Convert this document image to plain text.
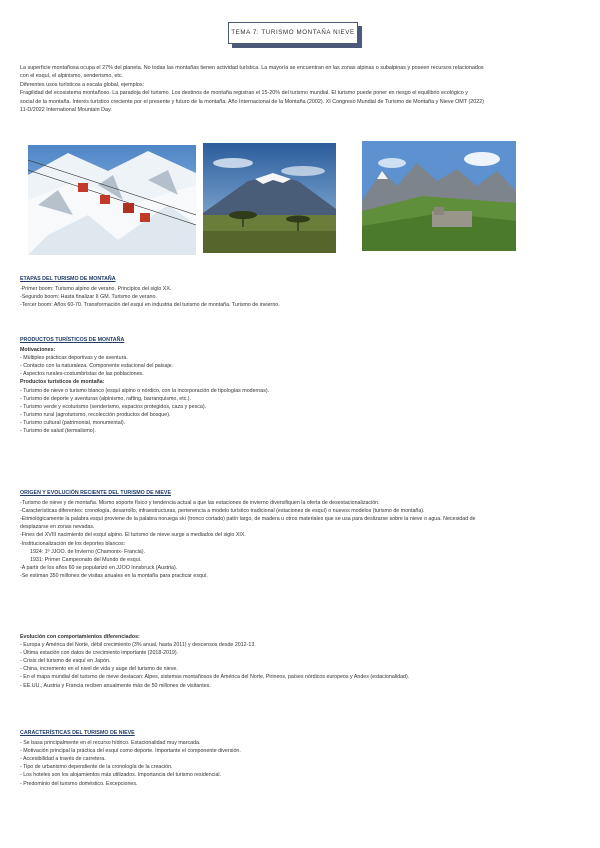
TEMA 7: TURISMO MONTAÑA NIEVE

La superficie montañosa ocupa el 27% del planeta. No todas las montañas tienen actividad turística. La mayoría se encuentran en las zonas alpinas o subalpinas y poseen recursos relacionados

con el esquí, el alpinismo, senderismo, etc.

Diferentes usos turísticos a escala global, ejemplos:

Fragilidad del ecosistema montañoso. La paradoja del turismo. Los destinos de montaña registran el 15-20% del turismo mundial. El turismo puede poner en riesgo el equilibrio ecológico y

social de la montaña. Interés turístico creciente por el presente y futuro de la montaña. Año Internacional de la Montaña (2002). XI Congreso Mundial de Turismo de Montaña y Nieve OMT (2022)

11-D/2022 International Mountain Day.

ETAPAS DEL TURISMO DE MONTAÑA

-Primer boom: Turismo alpino de verano. Principios del siglo XX.

-Segundo boom: Hasta finalizar II GM. Turismo de verano.

-Tercer boom: Años 60-70. Transformación del esquí en industria del turismo de montaña. Turismo de invierno.

PRODUCTOS TURÍSTICOS DE MONTAÑA

Motivaciones:

- Múltiples prácticas deportivas y de aventura.

- Contacto con la naturaleza. Componente estacional del paisaje.

- Aspectos rurales-costumbristas de las poblaciones.

Productos turísticos de montaña:

- Turismo de nieve o turismo blanco (esquí alpino o nórdico, con la incorporación de tipologías modernas).

- Turismo de deporte y aventuras (alpinismo, rafting, barranquismo, etc.).

- Turismo verde y ecoturismo (senderismo, espacios protegidos, caza y pesca).

- Turismo rural (agroturismo, recolección productos del bosque).

- Turismo cultural (patrimonial, monumental).

- Turismo de salud (termalismo).

ORIGEN Y EVOLUCIÓN RECIENTE DEL TURISMO DE NIEVE

-Turismo de nieve y de montaña. Mismo soporte físico y tendencia actual a que las estaciones de invierno diversifiquen la oferta de desestacionalización.

-Características diferentes: cronología, desarrollo, infraestructuras, pertenencia a modelo turístico tradicional (estaciones de esquí) o nuevos modelos (turismo de montaña).

-Etimológicamente la palabra esquí proviene de la palabra noruega skí (tronco cortado) patín largo, de madera u otros materiales que se usa para deslizarse sobre la nieve o agua. Necesidad de

desplazarse en zonas nevadas.

-Fines del XVIII nacimiento del esquí alpino. El turismo de nieve surge a mediados del siglo XIX.

-Institucionalización de los deportes blancos:

1924: 1º JJOO. de Invierno (Chamonix- Francia).

1931: Primer Campeonato del Mundo de esquí.

-A partir de los años 60 se popularizó en JJOO Innsbruck (Austria).

-Se estiman 350 millones de visitas anuales en la montaña para practicar esquí.

Evolución con comportamientos diferenciados:

- Europa y América del Norte, débil crecimiento (3% anual, hasta 2011) y descensos desde 2012-13.

- Última estación con datos de crecimiento importante (2018-2019).

- Crisis del turismo de esquí en Japón.

- China, incremento en el nivel de vida y auge del turismo de nieve.

- En el mapa mundial del turismo de nieve destacan: Alpes, sistemas montañosos de América del Norte, Pirineos, países nórdicos europeos y Andes (estacionalidad).

- EE.UU., Austria y Francia reciben anualmente más de 50 millones de visitantes.

CARACTERÍSTICAS DEL TURISMO DE NIEVE

- Se basa principalmente en el recurso hídrico. Estacionalidad muy marcada.

- Motivación principal la práctica del esquí como deporte. Importante el componente diversión.

- Accesibilidad a través de carretera.

- Tipo de urbanismo dependiente de la cronología de la creación.

- Los hoteles son los alojamientos más utilizados. Importancia del turismo residencial.

- Predominio del turismo doméstico. Excepciones.
